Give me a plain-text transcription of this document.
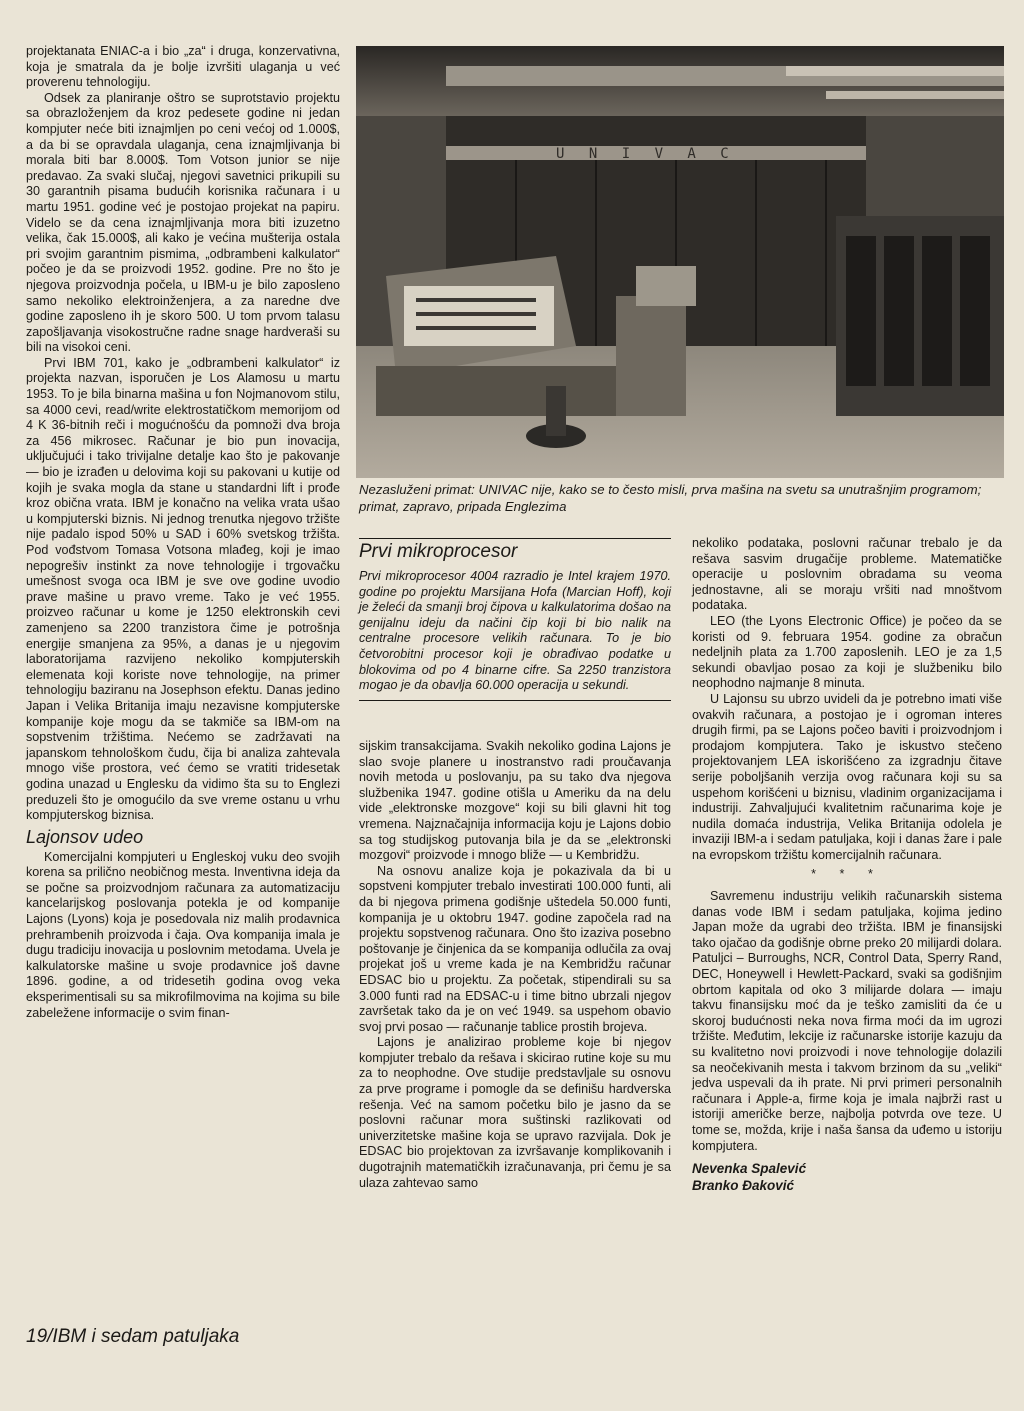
projektanata ENIAC-a i bio „za“ i druga, konzervativna, koja je smatrala da je bolje izvršiti ulaganja u već proverenu tehnologiju.

Odsek za planiranje oštro se suprotstavio projektu sa obrazloženjem da kroz pedesete godine ni jedan kompjuter neće biti iznajmljen po ceni većoj od 1.000$, a da bi se opravdala ulaganja, cena iznajmljivanja bi morala biti bar 8.000$. Tom Votson junior se nije predavao. Za svaki slučaj, njegovi savetnici prikupili su 30 garantnih pisama budućih korisnika računara i u martu 1951. godine već je postojao projekat na papiru. Videlo se da cena iznajmljivanja mora biti izuzetno velika, čak 15.000$, ali kako je većina mušterija ostala pri svojim garantnim pismima, „odbrambeni kalkulator“ počeo je da se proizvodi 1952. godine. Pre no što je njegova proizvodnja počela, u IBM-u je bilo zaposleno samo nekoliko elektroinženjera, a za naredne dve godine zaposleno ih je skoro 500. U tom prvom talasu zapošljavanja visokostručne radne snage hardveraši su bili na visokoi ceni.

Prvi IBM 701, kako je „odbrambeni kalkulator“ iz projekta nazvan, isporučen je Los Alamosu u martu 1953. To je bila binarna mašina u fon Nojmanovom stilu, sa 4000 cevi, read/write elektrostatičkom memorijom od 4 K 36-bitnih reči i mogućnošću da pomnoži dva broja za 456 mikrosec. Računar je bio pun inovacija, uključujući i tako trivijalne detalje kao što je pakovanje — bio je izrađen u delovima koji su pakovani u kutije od kojih je svaka mogla da stane u standardni lift i prođe kroz obična vrata. IBM je konačno na velika vrata ušao u kompjuterski biznis. Ni jednog trenutka njegovo tržište nije padalo ispod 50% u SAD i 60% svetskog tržišta. Pod vođstvom Tomasa Votsona mlađeg, koji je imao nepogrešiv instinkt za nove tehnologije i trgovačku umešnost svoga oca IBM je sve ove godine uvodio prave mašine u pravo vreme. Tako je već 1955. proizveo računar u kome je 1250 elektronskih cevi zamenjeno sa 2200 tranzistora čime je potrošnja energije smanjena za 95%, a danas je u njegovim laboratorijama razvijeno nekoliko kompjuterskih elemenata koji koriste nove tehnologije, na primer tehnologiju baziranu na Josephson efektu. Danas jedino Japan i Velika Britanija imaju nezavisne kompjuterske kompanije koje mogu da se takmiče sa IBM-om na sopstvenim tržištima. Nećemo se zadržavati na japanskom tehnološkom čudu, čija bi analiza zahtevala mnogo više prostora, već ćemo se vratiti tridesetak godina unazad u Englesku da vidimo šta su to Englezi preduzeli što je omogućilo da sve vreme ostanu u vrhu kompjuterskog biznisa.

Lajonsov udeo

Komercijalni kompjuteri u Engleskoj vuku deo svojih korena sa prilično neobičnog mesta. Inventivna ideja da se počne sa proizvodnjom računara za automatizaciju kancelarijskog poslovanja potekla je od kompanije Lajons (Lyons) koja je posedovala niz malih prodavnica prehrambenih proizvoda i čaja. Ova kompanija imala je dugu tradiciju inovacija u poslovnim metodama. Uvela je kalkulatorske mašine u svoje prodavnice još davne 1896. godine, a od tridesetih godina ovog veka eksperimentisali su sa mikrofilmovima na kojima su bile zabeležene informacije o svim finan-

U N I V A C
Nezasluženi primat: UNIVAC nije, kako se to često misli, prva mašina na svetu sa unutrašnjim programom; primat, zapravo, pripada Englezima
Prvi mikroprocesor

Prvi mikroprocesor 4004 razradio je Intel krajem 1970. godine po projektu Marsijana Hofa (Marcian Hoff), koji je želeći da smanji broj čipova u kalkulatorima došao na genijalnu ideju da načini čip koji bi bio nalik na centralne procesore velikih računara. To je bio četvorobitni procesor koji je obrađivao podatke u blokovima od po 4 binarne cifre. Sa 2250 tranzistora mogao je da obavlja 60.000 operacija u sekundi.

sijskim transakcijama. Svakih nekoliko godina Lajons je slao svoje planere u inostranstvo radi proučavanja novih metoda u poslovanju, pa su tako dva njegova službenika 1947. godine otišla u Ameriku da na delu vide „elektronske mozgove“ koji su bili glavni hit tog vremena. Najznačajnija informacija koju je Lajons dobio sa tog studijskog putovanja bila je da se „elektronski mozgovi“ proizvode i mnogo bliže — u Kembridžu.

Na osnovu analize koja je pokazivala da bi u sopstveni kompjuter trebalo investirati 100.000 funti, ali da bi njegova primena godišnje uštedela 50.000 funti, kompanija je u oktobru 1947. godine započela rad na projektu sopstvenog računara. Ono što izaziva posebno poštovanje je činjenica da se kompanija odlučila za ovaj projekat još u vreme kada je na Kembridžu računar EDSAC bio u projektu. Za početak, stipendirali su sa 3.000 funti rad na EDSAC-u i time bitno ubrzali njegov završetak tako da je on već 1949. sa uspehom obavio svoj prvi posao — računanje tablice prostih brojeva.

Lajons je analizirao probleme koje bi njegov kompjuter trebalo da rešava i skicirao rutine koje su mu za to neophodne. Ove studije predstavljale su osnovu za prve programe i pomogle da se definišu hardverska rešenja. Već na samom početku bilo je jasno da se poslovni računar mora suštinski razlikovati od univerzitetske mašine koja se upravo razvijala. Dok je EDSAC bio projektovan za izvršavanje komplikovanih i dugotrajnih matematičkih izračunavanja, pri čemu je sa ulaza zahtevao samo

nekoliko podataka, poslovni računar trebalo je da rešava sasvim drugačije probleme. Matematičke operacije u poslovnim obradama su veoma jednostavne, ali se moraju vršiti nad mnoštvom podataka.

LEO (the Lyons Electronic Office) je počeo da se koristi od 9. februara 1954. godine za obračun nedeljnih plata za 1.700 zaposlenih. LEO je za 1,5 sekundi obavljao posao za koji je službeniku bilo neophodno najmanje 8 minuta.

U Lajonsu su ubrzo uvideli da je potrebno imati više ovakvih računara, a postojao je i ogroman interes drugih firmi, pa se Lajons počeo baviti i proizvodnjom i prodajom kompjutera. Tako je iskustvo stečeno projektovanjem LEA iskorišćeno za izgradnju čitave serije poboljšanih verzija ovog računara koji su sa uspehom korišćeni u biznisu, vladinim organizacijama i industriji. Zahvaljujući kvalitetnim računarima koje je nudila domaća industrija, Velika Britanija odolela je invaziji IBM-a i sedam patuljaka, koji i danas žare i pale na evropskom tržištu komercijalnih računara.

* * *

Savremenu industriju velikih računarskih sistema danas vode IBM i sedam patuljaka, kojima jedino Japan može da ugrabi deo tržišta. IBM je finansijski tako ojačao da godišnje obrne preko 20 milijardi dolara. Patuljci – Burroughs, NCR, Control Data, Sperry Rand, DEC, Honeywell i Hewlett-Packard, svaki sa godišnjim obrtom kapitala od oko 3 milijarde dolara — imaju takvu finansijsku moć da je teško zamisliti da će u skoroj budućnosti neka nova firma moći da im ugrozi tržište. Međutim, lekcije iz računarske istorije kazuju da su kvalitetno novi proizvodi i nove tehnologije dolazili sa neočekivanih mesta i takvom brzinom da su „veliki“ jedva uspevali da ih prate. Ni prvi primeri personalnih računara i Apple-a, firme koja je imala najbrži rast u istoriji američke berze, najbolja potvrda ove teze. U tome se, možda, krije i naša šansa da uđemo u istoriju kompjutera.

Nevenka Spalević
Branko Đaković
19/IBM i sedam patuljaka
